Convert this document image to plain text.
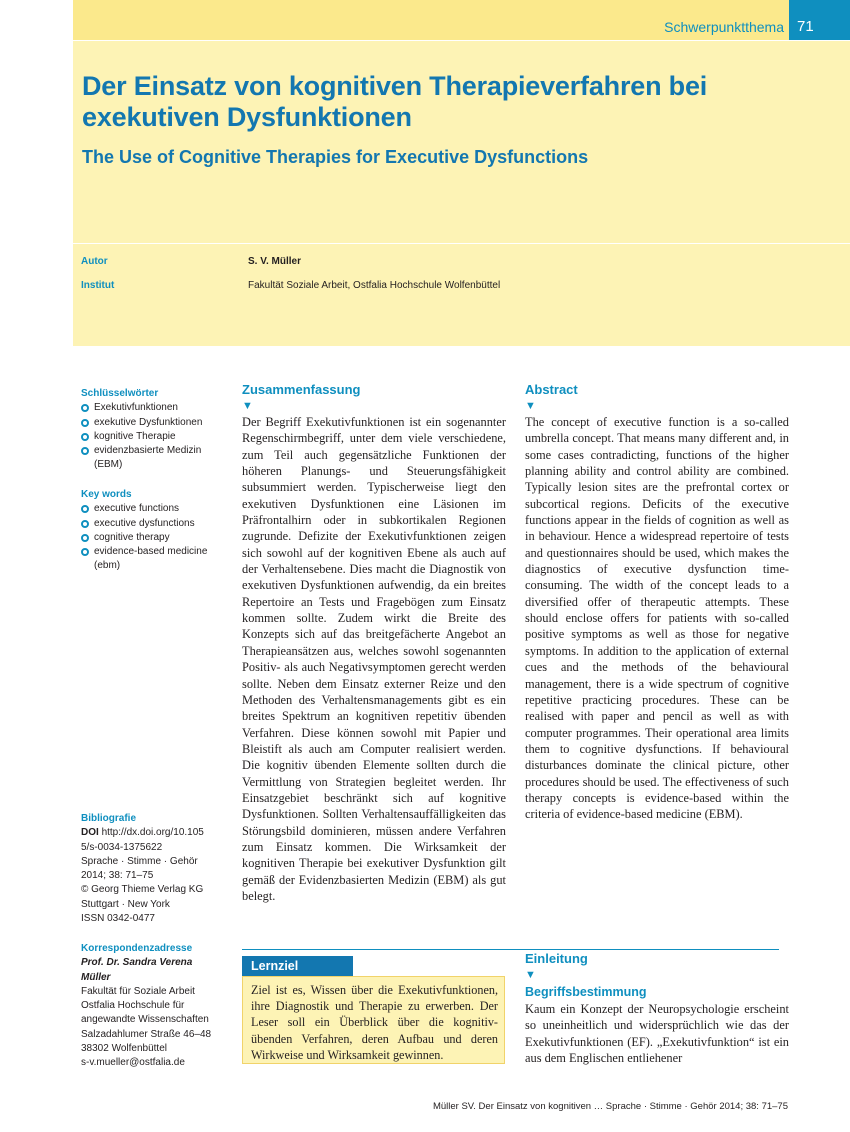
Schwerpunktthema 71
Der Einsatz von kognitiven Therapieverfahren bei exekutiven Dysfunktionen
The Use of Cognitive Therapies for Executive Dysfunctions
Autor	S. V. Müller
Institut	Fakultät Soziale Arbeit, Ostfalia Hochschule Wolfenbüttel
Schlüsselwörter
Exekutivfunktionen
exekutive Dysfunktionen
kognitive Therapie
evidenzbasierte Medizin (EBM)
Key words
executive functions
executive dysfunctions
cognitive therapy
evidence-based medicine (ebm)
Bibliografie
DOI http://dx.doi.org/10.1055/s-0034-1375622
Sprache · Stimme · Gehör 2014; 38: 71–75
© Georg Thieme Verlag KG Stuttgart · New York
ISSN 0342-0477
Korrespondenzadresse
Prof. Dr. Sandra Verena Müller
Fakultät für Soziale Arbeit
Ostfalia Hochschule für angewandte Wissenschaften
Salzadahlumer Straße 46–48
38302 Wolfenbüttel
s-v.mueller@ostfalia.de
Zusammenfassung
▼
Der Begriff Exekutivfunktionen ist ein sogenannter Regenschirmbegriff, unter dem viele verschiedene, zum Teil auch gegensätzliche Funktionen der höheren Planungs- und Steuerungsfähigkeit subsummiert werden. Typischerweise liegt den exekutiven Dysfunktionen eine Läsionen im Präfrontalhirn oder in subkortikalen Regionen zugrunde. Defizite der Exekutivfunktionen zeigen sich sowohl auf der kognitiven Ebene als auch auf der Verhaltensebene. Dies macht die Diagnostik von exekutiven Dysfunktionen aufwendig, da ein breites Repertoire an Tests und Fragebögen zum Einsatz kommen sollte. Zudem wirkt die Breite des Konzepts sich auf das breitgefächerte Angebot an Therapieansätzen aus, welches sowohl sogenannten Positiv- als auch Negativsymptomen gerecht werden sollte. Neben dem Einsatz externer Reize und den Methoden des Verhaltensmanagements gibt es ein breites Spektrum an kognitiven repetitiv übenden Verfahren. Diese können sowohl mit Papier und Bleistift als auch am Computer realisiert werden. Die kognitiv übenden Elemente sollten durch die Vermittlung von Strategien begleitet werden. Ihr Einsatzgebiet beschränkt sich auf kognitive Dysfunktionen. Sollten Verhaltensauffälligkeiten das Störungsbild dominieren, müssen andere Verfahren zum Einsatz kommen. Die Wirksamkeit der kognitiven Therapie bei exekutiver Dysfunktion gilt gemäß der Evidenzbasierten Medizin (EBM) als gut belegt.
Abstract
▼
The concept of executive function is a so-called umbrella concept. That means many different and, in some cases contradicting, functions of the higher planning ability and control ability are combined. Typically lesion sites are the prefrontal cortex or subcortical regions. Deficits of the executive functions appear in the fields of cognition as well as in behaviour. Hence a widespread repertoire of tests and questionnaires should be used, which makes the diagnostics of executive dysfunction time-consuming. The width of the concept leads to a diversified offer of therapeutic attempts. These should enclose offers for patients with so-called positive symptoms as well as those for negative symptoms. In addition to the application of external cues and the methods of the behavioural management, there is a wide spectrum of cognitive repetitive practicing procedures. These can be realised with paper and pencil as well as with computer programmes. Their operational area limits them to cognitive dysfunctions. If behavioural disturbances dominate the clinical picture, other procedures should be used. The effectiveness of such therapy concepts is evidence-based within the criteria of evidence-based medicine (EBM).
Lernziel
Ziel ist es, Wissen über die Exekutivfunktionen, ihre Diagnostik und Therapie zu erwerben. Der Leser soll ein Überblick über die kognitiv-übenden Verfahren, deren Aufbau und deren Wirkweise und Wirksamkeit gewinnen.
Einleitung
▼
Begriffsbestimmung
Kaum ein Konzept der Neuropsychologie erscheint so uneinheitlich und widersprüchlich wie das der Exekutivfunktionen (EF). „Exekutivfunktion“ ist ein aus dem Englischen entliehener
Müller SV. Der Einsatz von kognitiven … Sprache · Stimme · Gehör 2014; 38: 71–75
